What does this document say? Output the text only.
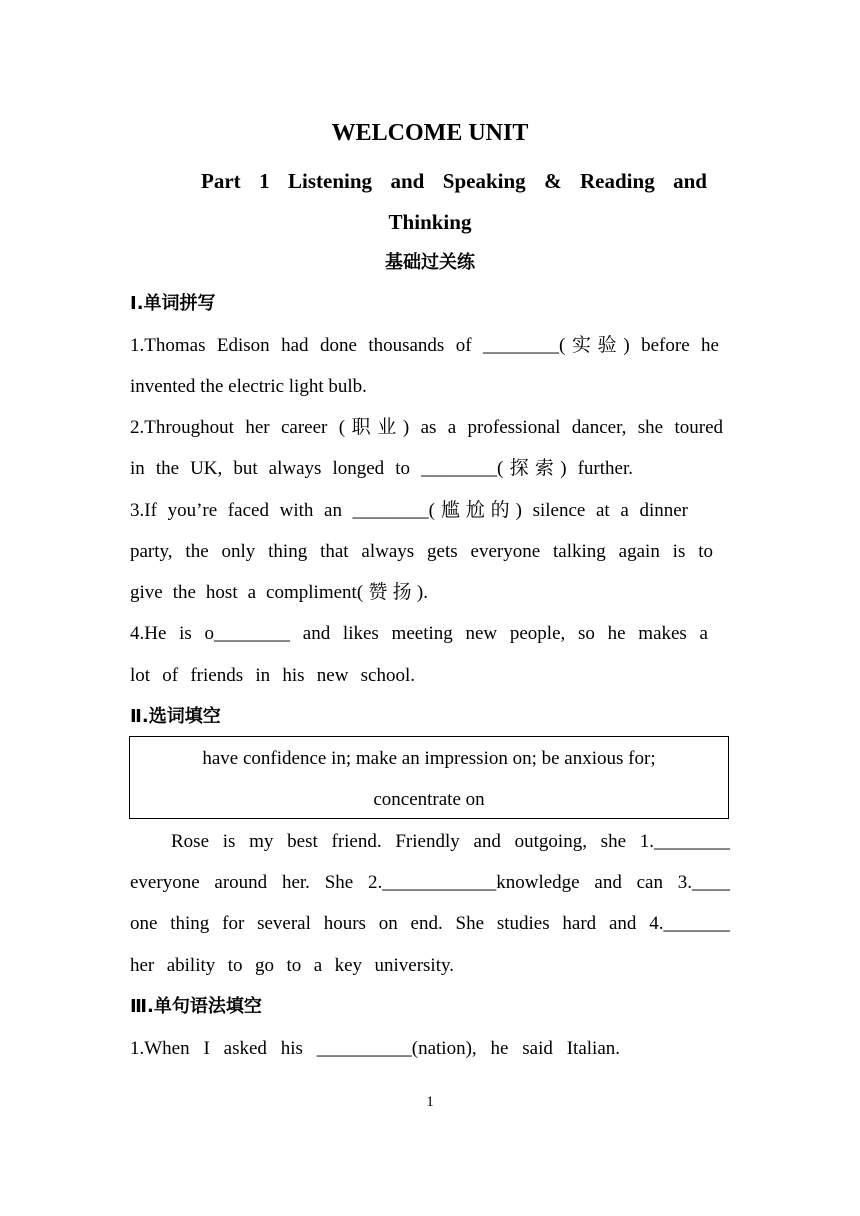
WELCOME UNIT
Part 1 Listening and Speaking & Reading and
Thinking
基础过关练
Ⅰ.单词拼写
1.Thomas Edison had done thousands of ________(实验) before he
invented the electric light bulb.
2.Throughout her career (职业) as a professional dancer, she toured
in the UK, but always longed to ________(探索) further.
3.If you’re faced with an ________(尴尬的) silence at a dinner
party, the only thing that always gets everyone talking again is to
give the host a compliment(赞扬).
4.He is o________ and likes meeting new people, so he makes a
lot of friends in his new school.
Ⅱ.选词填空
have confidence in; make an impression on; be anxious for;
concentrate on
Rose is my best friend. Friendly and outgoing, she 1.________
everyone around her. She 2.____________knowledge and can 3.____
one thing for several hours on end. She studies hard and 4._______
her ability to go to a key university.
Ⅲ.单句语法填空
1.When I asked his __________(nation), he said Italian.
1
